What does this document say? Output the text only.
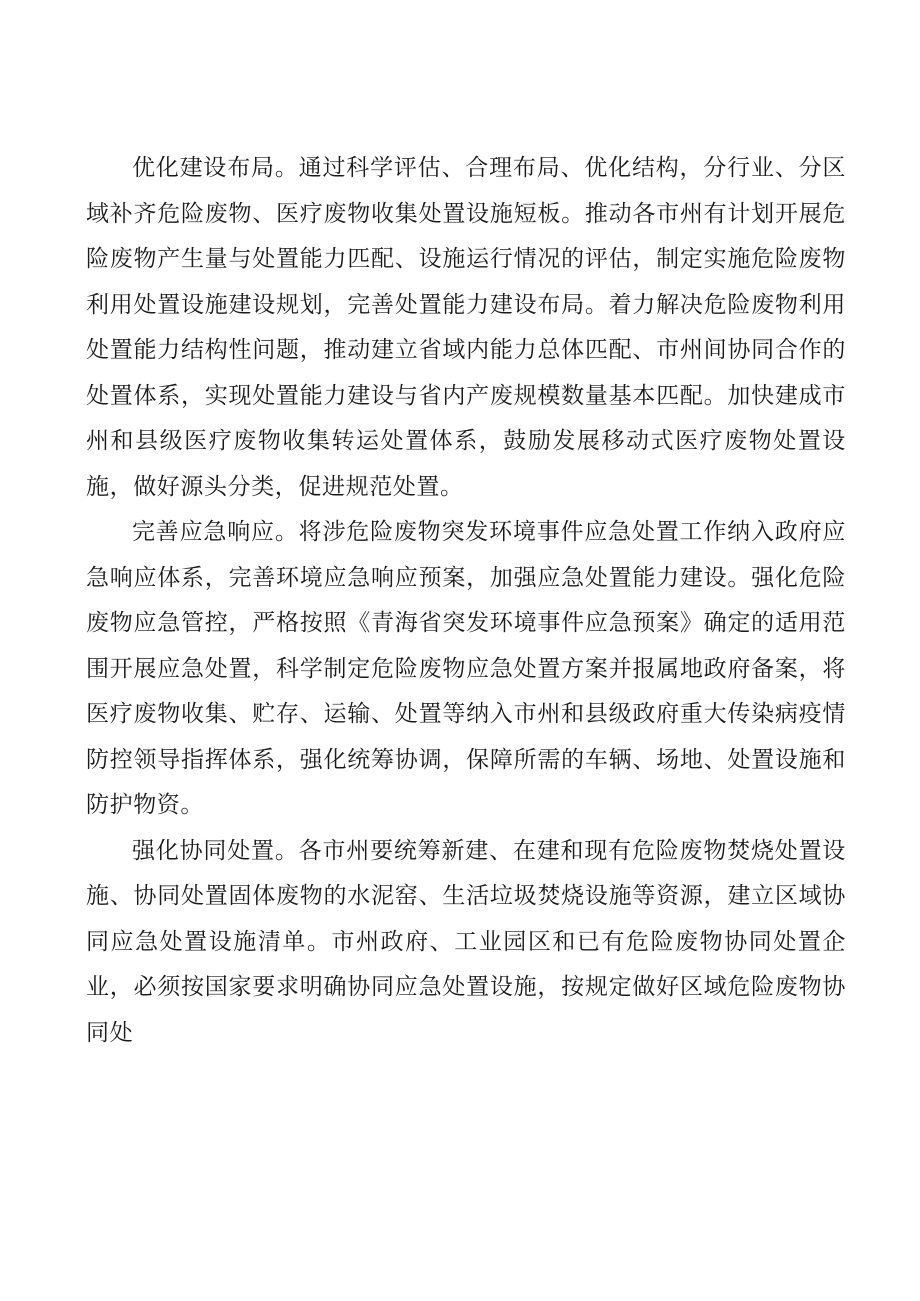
优化建设布局。通过科学评估、合理布局、优化结构，分行业、分区域补齐危险废物、医疗废物收集处置设施短板。推动各市州有计划开展危险废物产生量与处置能力匹配、设施运行情况的评估，制定实施危险废物利用处置设施建设规划，完善处置能力建设布局。着力解决危险废物利用处置能力结构性问题，推动建立省域内能力总体匹配、市州间协同合作的处置体系，实现处置能力建设与省内产废规模数量基本匹配。加快建成市州和县级医疗废物收集转运处置体系，鼓励发展移动式医疗废物处置设施，做好源头分类，促进规范处置。

完善应急响应。将涉危险废物突发环境事件应急处置工作纳入政府应急响应体系，完善环境应急响应预案，加强应急处置能力建设。强化危险废物应急管控，严格按照《青海省突发环境事件应急预案》确定的适用范围开展应急处置，科学制定危险废物应急处置方案并报属地政府备案，将医疗废物收集、贮存、运输、处置等纳入市州和县级政府重大传染病疫情防控领导指挥体系，强化统筹协调，保障所需的车辆、场地、处置设施和防护物资。

强化协同处置。各市州要统筹新建、在建和现有危险废物焚烧处置设施、协同处置固体废物的水泥窑、生活垃圾焚烧设施等资源，建立区域协同应急处置设施清单。市州政府、工业园区和已有危险废物协同处置企业，必须按国家要求明确协同应急处置设施，按规定做好区域危险废物协同处
